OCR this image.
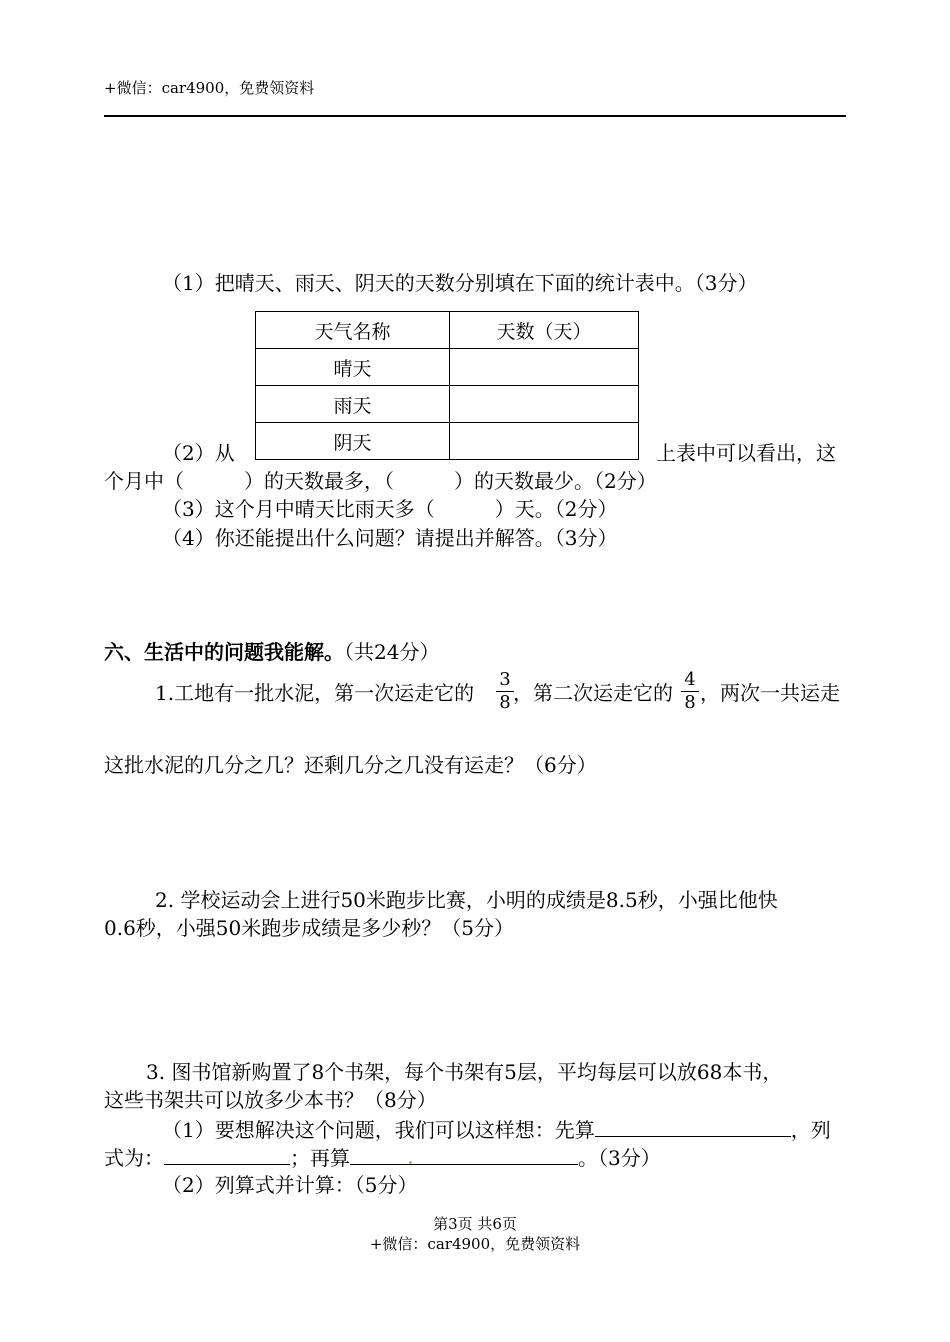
+微信：car4900，免费领资料
（1）把晴天、雨天、阴天的天数分别填在下面的统计表中。（3分）
天气名称	天数（天）
晴天	
雨天	
阴天	
（2）从	上表中可以看出，这
个月中（　　　）的天数最多，（　　　）的天数最少。（2分）
（3）这个月中晴天比雨天多（　　　）天。（2分）
（4）你还能提出什么问题？请提出并解答。（3分）
六、生活中的问题我能解。（共24分）
1.工地有一批水泥，第一次运走它的
3
8 ，第二次运走它的
4
8 ，两次一共运走
这批水泥的几分之几？还剩几分之几没有运走？（6分）
2. 学校运动会上进行50米跑步比赛，小明的成绩是8.5秒，小强比他快
0.6秒，小强50米跑步成绩是多少秒？（5分）
3. 图书馆新购置了8个书架，每个书架有5层，平均每层可以放68本书，
这些书架共可以放多少本书？（8分）
（1）要想解决这个问题，我们可以这样想：先算	，列
式为：	；再算	。（3分）
（2）列算式并计算：（5分）
第3页 共6页
+微信：car4900，免费领资料
